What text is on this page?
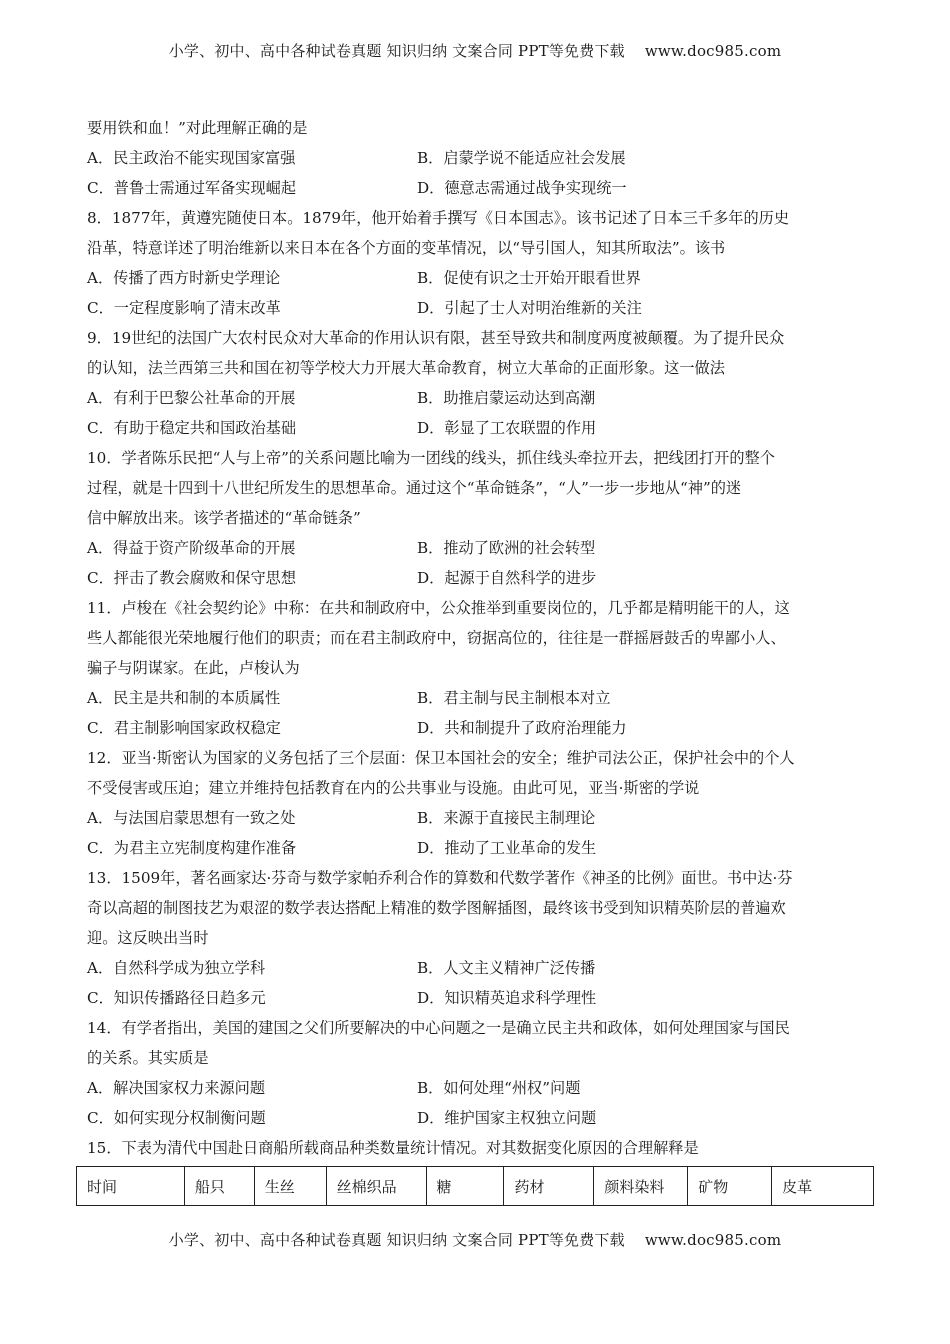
小学、初中、高中各种试卷真题 知识归纳 文案合同 PPT等免费下载 www.doc985.com
要用铁和血！”对此理解正确的是
A．民主政治不能实现国家富强	B．启蒙学说不能适应社会发展
C．普鲁士需通过军备实现崛起	D．德意志需通过战争实现统一
8．1877年，黄遵宪随使日本。1879年，他开始着手撰写《日本国志》。该书记述了日本三千多年的历史
沿革，特意详述了明治维新以来日本在各个方面的变革情况，以“导引国人，知其所取法”。该书
A．传播了西方时新史学理论	B．促使有识之士开始开眼看世界
C．一定程度影响了清末改革	D．引起了士人对明治维新的关注
9．19世纪的法国广大农村民众对大革命的作用认识有限，甚至导致共和制度两度被颠覆。为了提升民众
的认知，法兰西第三共和国在初等学校大力开展大革命教育，树立大革命的正面形象。这一做法
A．有利于巴黎公社革命的开展	B．助推启蒙运动达到高潮
C．有助于稳定共和国政治基础	D．彰显了工农联盟的作用
10．学者陈乐民把“人与上帝”的关系问题比喻为一团线的线头，抓住线头牵拉开去，把线团打开的整个
过程，就是十四到十八世纪所发生的思想革命。通过这个“革命链条”，“人”一步一步地从“神”的迷
信中解放出来。该学者描述的“革命链条”
A．得益于资产阶级革命的开展	B．推动了欧洲的社会转型
C．抨击了教会腐败和保守思想	D．起源于自然科学的进步
11．卢梭在《社会契约论》中称：在共和制政府中，公众推举到重要岗位的，几乎都是精明能干的人，这
些人都能很光荣地履行他们的职责；而在君主制政府中，窃据高位的，往往是一群摇唇鼓舌的卑鄙小人、
骗子与阴谋家。在此，卢梭认为
A．民主是共和制的本质属性	B．君主制与民主制根本对立
C．君主制影响国家政权稳定	D．共和制提升了政府治理能力
12．亚当·斯密认为国家的义务包括了三个层面：保卫本国社会的安全；维护司法公正，保护社会中的个人
不受侵害或压迫；建立并维持包括教育在内的公共事业与设施。由此可见，亚当·斯密的学说
A．与法国启蒙思想有一致之处	B．来源于直接民主制理论
C．为君主立宪制度构建作准备	D．推动了工业革命的发生
13．1509年，著名画家达·芬奇与数学家帕乔利合作的算数和代数学著作《神圣的比例》面世。书中达·芬
奇以高超的制图技艺为艰涩的数学表达搭配上精准的数学图解插图，最终该书受到知识精英阶层的普遍欢
迎。这反映出当时
A．自然科学成为独立学科	B．人文主义精神广泛传播
C．知识传播路径日趋多元	D．知识精英追求科学理性
14．有学者指出，美国的建国之父们所要解决的中心问题之一是确立民主共和政体，如何处理国家与国民
的关系。其实质是
A．解决国家权力来源问题	B．如何处理“州权”问题
C．如何实现分权制衡问题	D．维护国家主权独立问题
15．下表为清代中国赴日商船所载商品种类数量统计情况。对其数据变化原因的合理解释是
时间	船只	生丝	丝棉织品	糖	药材	颜料染料	矿物	皮革
小学、初中、高中各种试卷真题 知识归纳 文案合同 PPT等免费下载 www.doc985.com
